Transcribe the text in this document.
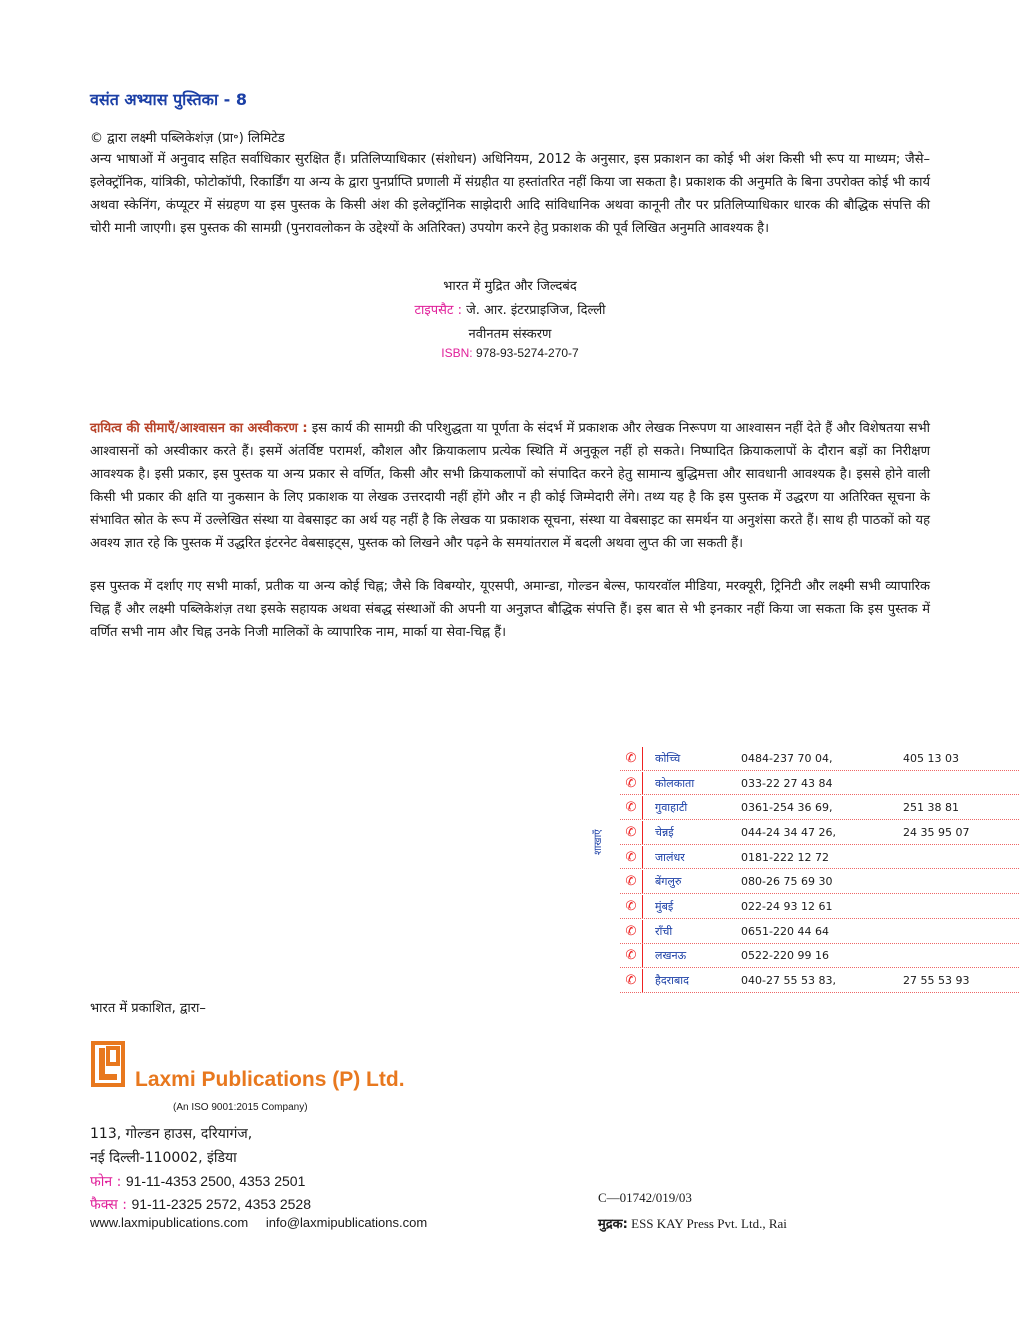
वसंत अभ्यास पुस्तिका - 8
© द्वारा लक्ष्मी पब्लिकेशंज़ (प्रा॰) लिमिटेड

अन्य भाषाओं में अनुवाद सहित सर्वाधिकार सुरक्षित हैं। प्रतिलिप्याधिकार (संशोधन) अधिनियम, 2012 के अनुसार, इस प्रकाशन का कोई भी अंश किसी भी रूप या माध्यम; जैसे–इलेक्ट्रॉनिक, यांत्रिकी, फोटोकॉपी, रिकार्डिंग या अन्य के द्वारा पुनर्प्राप्ति प्रणाली में संग्रहीत या हस्तांतरित नहीं किया जा सकता है। प्रकाशक की अनुमति के बिना उपरोक्त कोई भी कार्य अथवा स्केनिंग, कंप्यूटर में संग्रहण या इस पुस्तक के किसी अंश की इलेक्ट्रॉनिक साझेदारी आदि सांविधानिक अथवा कानूनी तौर पर प्रतिलिप्याधिकार धारक की बौद्धिक संपत्ति की चोरी मानी जाएगी। इस पुस्तक की सामग्री (पुनरावलोकन के उद्देश्यों के अतिरिक्त) उपयोग करने हेतु प्रकाशक की पूर्व लिखित अनुमति आवश्यक है।

भारत में मुद्रित और जिल्दबंद
टाइपसैट : जे. आर. इंटरप्राइजिज, दिल्ली
नवीनतम संस्करण
ISBN: 978-93-5274-270-7

दायित्व की सीमाएँ/आश्वासन का अस्वीकरण : इस कार्य की सामग्री की परिशुद्धता या पूर्णता के संदर्भ में प्रकाशक और लेखक निरूपण या आश्वासन नहीं देते हैं और विशेषतया सभी आश्वासनों को अस्वीकार करते हैं। इसमें अंतर्विष्ट परामर्श, कौशल और क्रियाकलाप प्रत्येक स्थिति में अनुकूल नहीं हो सकते। निष्पादित क्रियाकलापों के दौरान बड़ों का निरीक्षण आवश्यक है। इसी प्रकार, इस पुस्तक या अन्य प्रकार से वर्णित, किसी और सभी क्रियाकलापों को संपादित करने हेतु सामान्य बुद्धिमत्ता और सावधानी आवश्यक है। इससे होने वाली किसी भी प्रकार की क्षति या नुकसान के लिए प्रकाशक या लेखक उत्तरदायी नहीं होंगे और न ही कोई जिम्मेदारी लेंगे। तथ्य यह है कि इस पुस्तक में उद्धरण या अतिरिक्त सूचना के संभावित स्रोत के रूप में उल्लेखित संस्था या वेबसाइट का अर्थ यह नहीं है कि लेखक या प्रकाशक सूचना, संस्था या वेबसाइट का समर्थन या अनुशंसा करते हैं। साथ ही पाठकों को यह अवश्य ज्ञात रहे कि पुस्तक में उद्धरित इंटरनेट वेबसाइट्स, पुस्तक को लिखने और पढ़ने के समयांतराल में बदली अथवा लुप्त की जा सकती हैं।

इस पुस्तक में दर्शाए गए सभी मार्का, प्रतीक या अन्य कोई चिह्न; जैसे कि विबग्योर, यूएसपी, अमान्डा, गोल्डन बेल्स, फायरवॉल मीडिया, मरक्यूरी, ट्रिनिटी और लक्ष्मी सभी व्यापारिक चिह्न हैं और लक्ष्मी पब्लिकेशंज़ तथा इसके सहायक अथवा संबद्ध संस्थाओं की अपनी या अनुज्ञप्त बौद्धिक संपत्ति हैं। इस बात से भी इनकार नहीं किया जा सकता कि इस पुस्तक में वर्णित सभी नाम और चिह्न उनके निजी मालिकों के व्यापारिक नाम, मार्का या सेवा-चिह्न हैं।

शाखाएँ
✆	कोच्चि	0484-237 70 04,	405 13 03
✆	कोलकाता	033-22 27 43 84
✆	गुवाहाटी	0361-254 36 69,	251 38 81
✆	चेन्नई	044-24 34 47 26,	24 35 95 07
✆	जालंधर	0181-222 12 72
✆	बेंगलुरु	080-26 75 69 30
✆	मुंबई	022-24 93 12 61
✆	राँची	0651-220 44 64
✆	लखनऊ	0522-220 99 16
✆	हैदराबाद	040-27 55 53 83,	27 55 53 93
भारत में प्रकाशित, द्वारा–
Laxmi Publications (P) Ltd.
(An ISO 9001:2015 Company)
113, गोल्डन हाउस, दरियागंज,
नई दिल्ली-110002, इंडिया
फोन : 91-11-4353 2500, 4353 2501
फैक्स : 91-11-2325 2572, 4353 2528
www.laxmipublications.com info@laxmipublications.com
C—01742/019/03
मुद्रक: ESS KAY Press Pvt. Ltd., Rai
